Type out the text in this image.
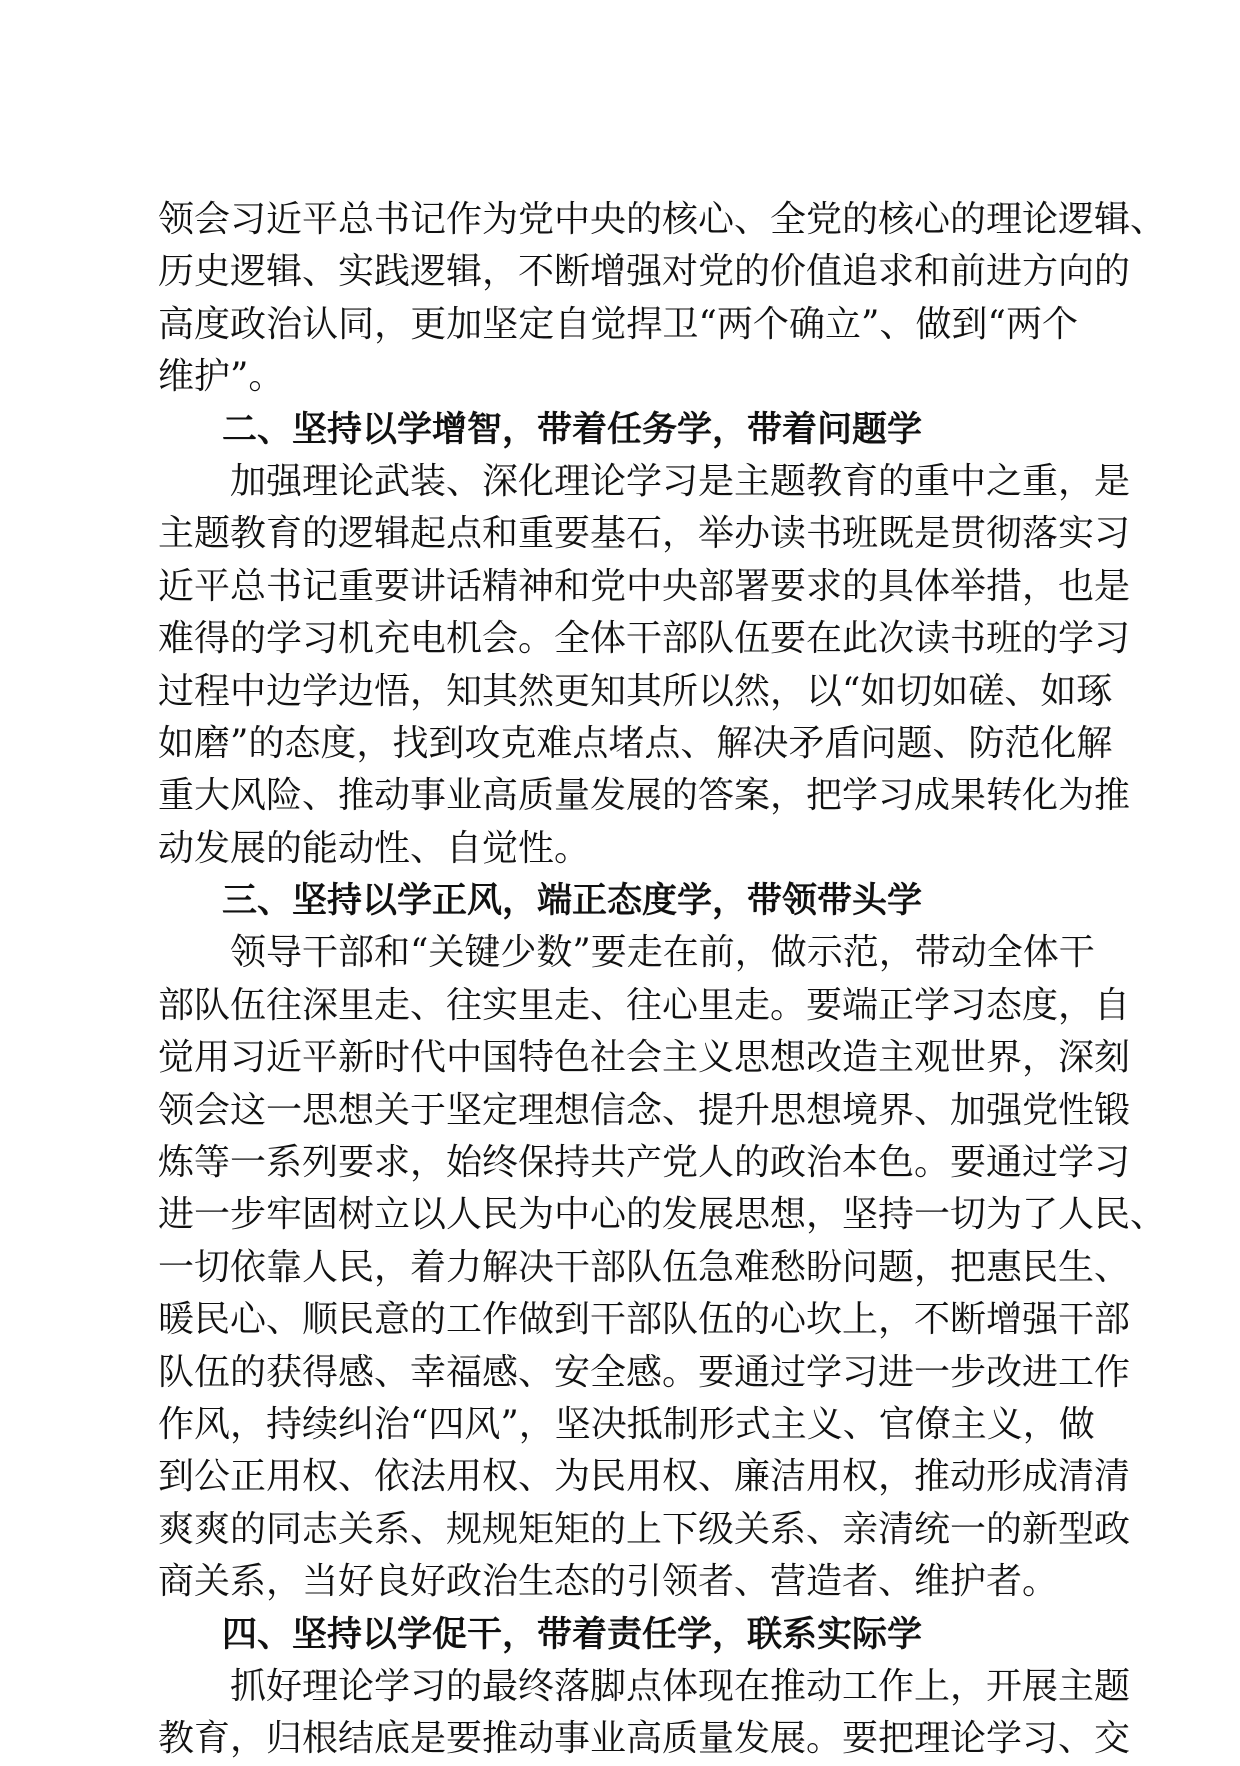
领会习近平总书记作为党中央的核心、全党的核心的理论逻辑、
历史逻辑、实践逻辑，不断增强对党的价值追求和前进方向的
高度政治认同，更加坚定自觉捍卫“两个确立”、做到“两个
维护”。
二、坚持以学增智，带着任务学，带着问题学
加强理论武装、深化理论学习是主题教育的重中之重，是
主题教育的逻辑起点和重要基石，举办读书班既是贯彻落实习
近平总书记重要讲话精神和党中央部署要求的具体举措，也是
难得的学习机充电机会。全体干部队伍要在此次读书班的学习
过程中边学边悟，知其然更知其所以然，以“如切如磋、如琢
如磨”的态度，找到攻克难点堵点、解决矛盾问题、防范化解
重大风险、推动事业高质量发展的答案，把学习成果转化为推
动发展的能动性、自觉性。
三、坚持以学正风，端正态度学，带领带头学
领导干部和“关键少数”要走在前，做示范，带动全体干
部队伍往深里走、往实里走、往心里走。要端正学习态度，自
觉用习近平新时代中国特色社会主义思想改造主观世界，深刻
领会这一思想关于坚定理想信念、提升思想境界、加强党性锻
炼等一系列要求，始终保持共产党人的政治本色。要通过学习
进一步牢固树立以人民为中心的发展思想，坚持一切为了人民、
一切依靠人民，着力解决干部队伍急难愁盼问题，把惠民生、
暖民心、顺民意的工作做到干部队伍的心坎上，不断增强干部
队伍的获得感、幸福感、安全感。要通过学习进一步改进工作
作风，持续纠治“四风”，坚决抵制形式主义、官僚主义，做
到公正用权、依法用权、为民用权、廉洁用权，推动形成清清
爽爽的同志关系、规规矩矩的上下级关系、亲清统一的新型政
商关系，当好良好政治生态的引领者、营造者、维护者。
四、坚持以学促干，带着责任学，联系实际学
抓好理论学习的最终落脚点体现在推动工作上，开展主题
教育，归根结底是要推动事业高质量发展。要把理论学习、交
